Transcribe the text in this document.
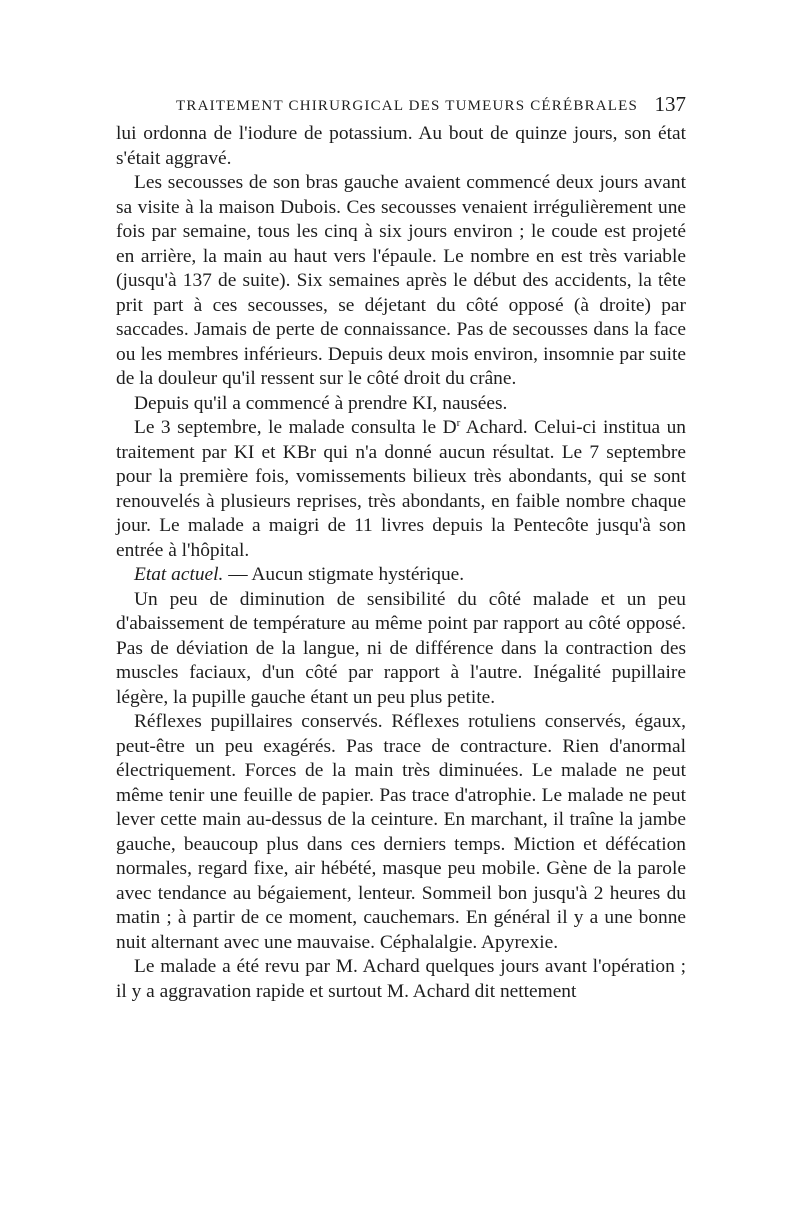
TRAITEMENT CHIRURGICAL DES TUMEURS CÉRÉBRALES 137

lui ordonna de l'iodure de potassium. Au bout de quinze jours, son état s'était aggravé.

Les secousses de son bras gauche avaient commencé deux jours avant sa visite à la maison Dubois. Ces secousses venaient irrégulièrement une fois par semaine, tous les cinq à six jours environ ; le coude est projeté en arrière, la main au haut vers l'épaule. Le nombre en est très variable (jusqu'à 137 de suite). Six semaines après le début des accidents, la tête prit part à ces secousses, se déjetant du côté opposé (à droite) par saccades. Jamais de perte de connaissance. Pas de secousses dans la face ou les membres inférieurs. Depuis deux mois environ, insomnie par suite de la douleur qu'il ressent sur le côté droit du crâne.

Depuis qu'il a commencé à prendre KI, nausées.

Le 3 septembre, le malade consulta le $D^r$ Achard. Celui-ci institua un traitement par KI et KBr qui n'a donné aucun résultat. Le 7 septembre pour la première fois, vomissements bilieux très abondants, qui se sont renouvelés à plusieurs reprises, très abondants, en faible nombre chaque jour. Le malade a maigri de 11 livres depuis la Pentecôte jusqu'à son entrée à l'hôpital.

Etat actuel. — Aucun stigmate hystérique.

Un peu de diminution de sensibilité du côté malade et un peu d'abaissement de température au même point par rapport au côté opposé. Pas de déviation de la langue, ni de différence dans la contraction des muscles faciaux, d'un côté par rapport à l'autre. Inégalité pupillaire légère, la pupille gauche étant un peu plus petite.

Réflexes pupillaires conservés. Réflexes rotuliens conservés, égaux, peut-être un peu exagérés. Pas trace de contracture. Rien d'anormal électriquement. Forces de la main très diminuées. Le malade ne peut même tenir une feuille de papier. Pas trace d'atrophie. Le malade ne peut lever cette main au-dessus de la ceinture. En marchant, il traîne la jambe gauche, beaucoup plus dans ces derniers temps. Miction et défécation normales, regard fixe, air hébété, masque peu mobile. Gène de la parole avec tendance au bégaiement, lenteur. Sommeil bon jusqu'à 2 heures du matin ; à partir de ce moment, cauchemars. En général il y a une bonne nuit alternant avec une mauvaise. Céphalalgie. Apyrexie.

Le malade a été revu par M. Achard quelques jours avant l'opération ; il y a aggravation rapide et surtout M. Achard dit nettement
